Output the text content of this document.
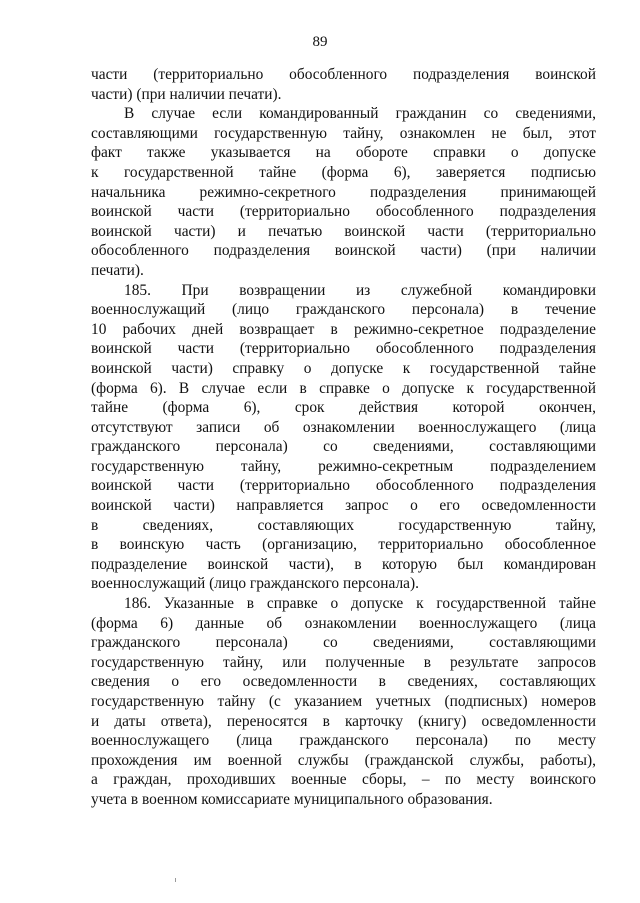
89
части (территориально обособленного подразделения воинской
части) (при наличии печати).
В случае если командированный гражданин со сведениями,
составляющими государственную тайну, ознакомлен не был, этот
факт также указывается на обороте справки о допуске
к государственной тайне (форма 6), заверяется подписью
начальника режимно-секретного подразделения принимающей
воинской части (территориально обособленного подразделения
воинской части) и печатью воинской части (территориально
обособленного подразделения воинской части) (при наличии
печати).
185. При возвращении из служебной командировки
военнослужащий (лицо гражданского персонала) в течение
10 рабочих дней возвращает в режимно-секретное подразделение
воинской части (территориально обособленного подразделения
воинской части) справку о допуске к государственной тайне
(форма 6). В случае если в справке о допуске к государственной
тайне (форма 6), срок действия которой окончен,
отсутствуют записи об ознакомлении военнослужащего (лица
гражданского персонала) со сведениями, составляющими
государственную тайну, режимно-секретным подразделением
воинской части (территориально обособленного подразделения
воинской части) направляется запрос о его осведомленности
в сведениях, составляющих государственную тайну,
в воинскую часть (организацию, территориально обособленное
подразделение воинской части), в которую был командирован
военнослужащий (лицо гражданского персонала).
186. Указанные в справке о допуске к государственной тайне
(форма 6) данные об ознакомлении военнослужащего (лица
гражданского персонала) со сведениями, составляющими
государственную тайну, или полученные в результате запросов
сведения о его осведомленности в сведениях, составляющих
государственную тайну (с указанием учетных (подписных) номеров
и даты ответа), переносятся в карточку (книгу) осведомленности
военнослужащего (лица гражданского персонала) по месту
прохождения им военной службы (гражданской службы, работы),
а граждан, проходивших военные сборы, – по месту воинского
учета в военном комиссариате муниципального образования.
